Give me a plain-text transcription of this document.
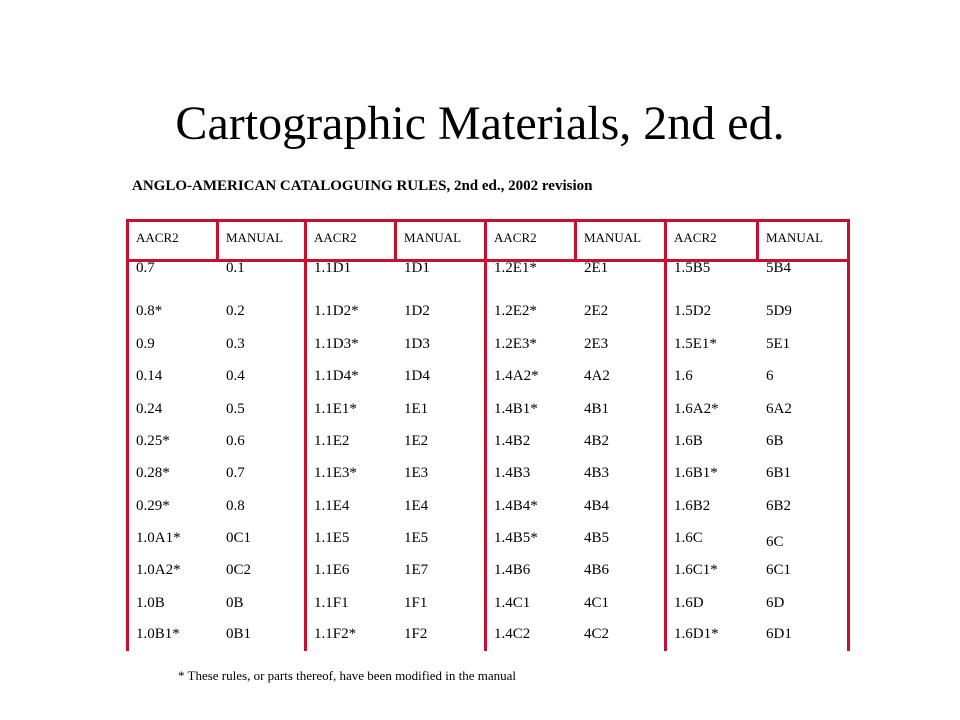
Cartographic Materials, 2nd ed.
ANGLO-AMERICAN CATALOGUING RULES, 2nd ed., 2002 revision
AACR2	MANUAL AACR2	MANUAL	AACR2	MANUAL	AACR2	MANUAL
0.7	0.1	1.1D1	1D1	1.2E1*	2E1	1.5B5	5B4
0.8*	0.2	1.1D2*	1D2	1.2E2*	2E2	1.5D2	5D9
0.9	0.3	1.1D3*	1D3	1.2E3*	2E3	1.5E1*	5E1
0.14	0.4	1.1D4*	1D4	1.4A2*	4A2	1.6	6
0.24	0.5	1.1E1*	1E1	1.4B1*	4B1	1.6A2*	6A2
0.25*	0.6	1.1E2	1E2	1.4B2	4B2	1.6B	6B
0.28*	0.7	1.1E3*	1E3	1.4B3	4B3	1.6B1*	6B1
0.29*	0.8	1.1E4	1E4	1.4B4*	4B4	1.6B2	6B2
1.0A1*	0C1	1.1E5	1E5	1.4B5*	4B5	1.6C	6C
1.0A2*	0C2	1.1E6	1E7	1.4B6	4B6	1.6C1*	6C1
1.0B	0B	1.1F1	1F1	1.4C1	4C1	1.6D	6D
1.0B1*	0B1	1.1F2*	1F2	1.4C2	4C2	1.6D1*	6D1
* These rules, or parts thereof, have been modified in the manual
